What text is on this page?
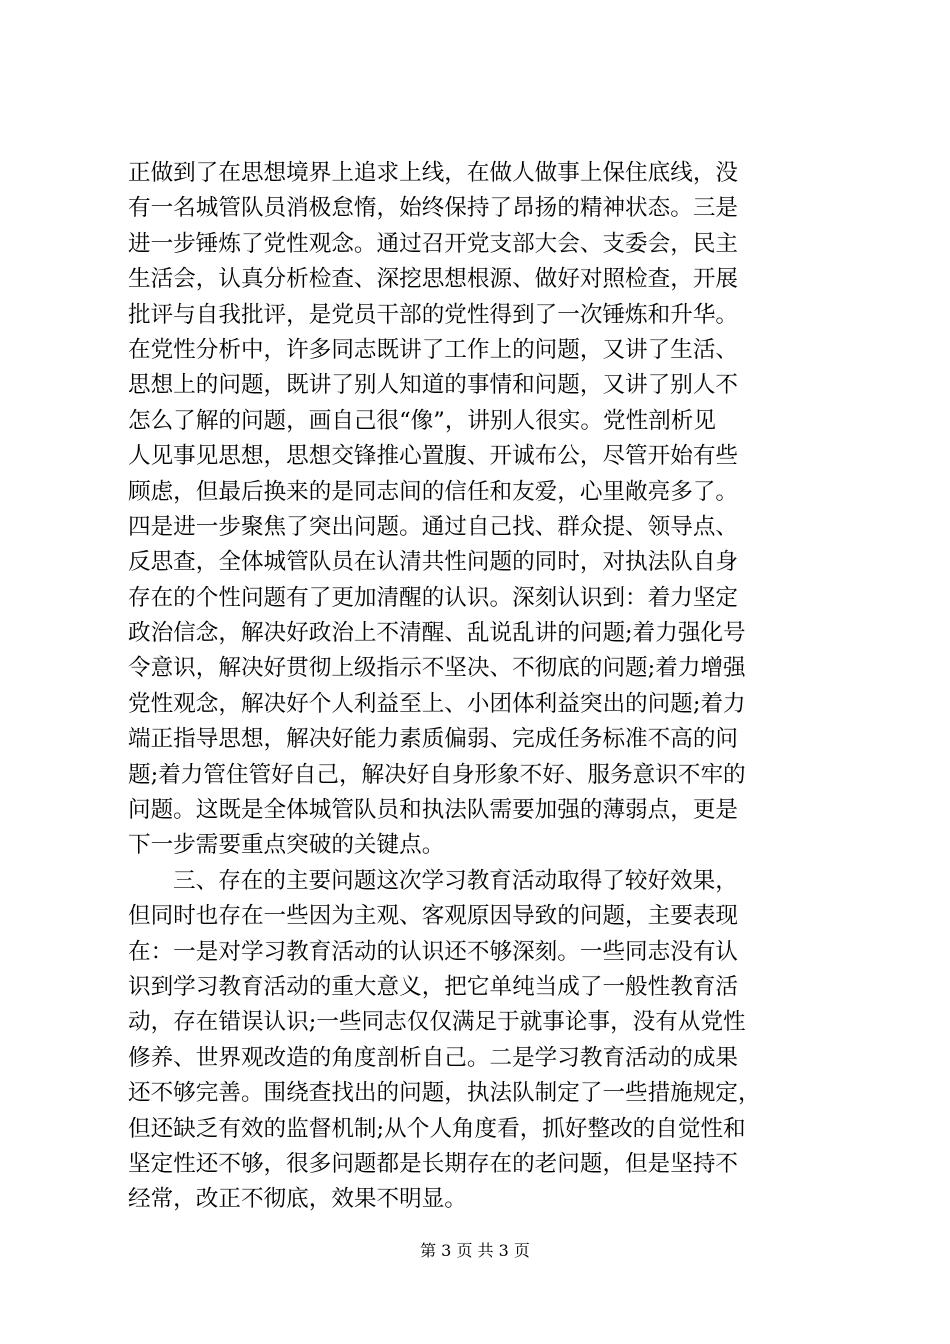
正做到了在思想境界上追求上线，在做人做事上保住底线，没
有一名城管队员消极怠惰，始终保持了昂扬的精神状态。三是
进一步锤炼了党性观念。通过召开党支部大会、支委会，民主
生活会，认真分析检查、深挖思想根源、做好对照检查，开展
批评与自我批评，是党员干部的党性得到了一次锤炼和升华。
在党性分析中，许多同志既讲了工作上的问题，又讲了生活、
思想上的问题，既讲了别人知道的事情和问题，又讲了别人不
怎么了解的问题，画自己很“像”，讲别人很实。党性剖析见
人见事见思想，思想交锋推心置腹、开诚布公，尽管开始有些
顾虑，但最后换来的是同志间的信任和友爱，心里敞亮多了。
四是进一步聚焦了突出问题。通过自己找、群众提、领导点、
反思查，全体城管队员在认清共性问题的同时，对执法队自身
存在的个性问题有了更加清醒的认识。深刻认识到：着力坚定
政治信念，解决好政治上不清醒、乱说乱讲的问题;着力强化号
令意识，解决好贯彻上级指示不坚决、不彻底的问题;着力增强
党性观念，解决好个人利益至上、小团体利益突出的问题;着力
端正指导思想，解决好能力素质偏弱、完成任务标准不高的问
题;着力管住管好自己，解决好自身形象不好、服务意识不牢的
问题。这既是全体城管队员和执法队需要加强的薄弱点，更是
下一步需要重点突破的关键点。
三、存在的主要问题这次学习教育活动取得了较好效果，
但同时也存在一些因为主观、客观原因导致的问题，主要表现
在：一是对学习教育活动的认识还不够深刻。一些同志没有认
识到学习教育活动的重大意义，把它单纯当成了一般性教育活
动，存在错误认识;一些同志仅仅满足于就事论事，没有从党性
修养、世界观改造的角度剖析自己。二是学习教育活动的成果
还不够完善。围绕查找出的问题，执法队制定了一些措施规定，
但还缺乏有效的监督机制;从个人角度看，抓好整改的自觉性和
坚定性还不够，很多问题都是长期存在的老问题，但是坚持不
经常，改正不彻底，效果不明显。
第 3 页 共 3 页
